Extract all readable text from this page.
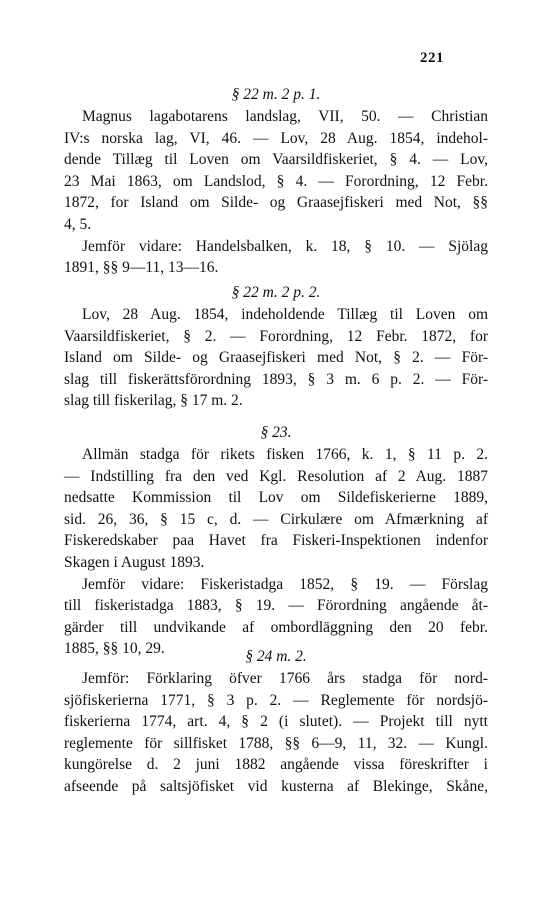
221
§ 22 m. 2 p. 1.
Magnus lagabotarens landslag, VII, 50. — Christian
IV:s norska lag, VI, 46. — Lov, 28 Aug. 1854, indehol-
dende Tillæg til Loven om Vaarsildfiskeriet, § 4. — Lov,
23 Mai 1863, om Landslod, § 4. — Forordning, 12 Febr.
1872, for Island om Silde- og Graasejfiskeri med Not, §§
4, 5.
Jemför vidare: Handelsbalken, k. 18, § 10. — Sjölag
1891, §§ 9—11, 13—16.
§ 22 m. 2 p. 2.
Lov, 28 Aug. 1854, indeholdende Tillæg til Loven om
Vaarsildfiskeriet, § 2. — Forordning, 12 Febr. 1872, for
Island om Silde- og Graasejfiskeri med Not, § 2. — För-
slag till fiskerättsförordning 1893, § 3 m. 6 p. 2. — För-
slag till fiskerilag, § 17 m. 2.
§ 23.
Allmän stadga för rikets fisken 1766, k. 1, § 11 p. 2.
— Indstilling fra den ved Kgl. Resolution af 2 Aug. 1887
nedsatte Kommission til Lov om Sildefiskerierne 1889,
sid. 26, 36, § 15 c, d. — Cirkulære om Afmærkning af
Fiskeredskaber paa Havet fra Fiskeri-Inspektionen indenfor
Skagen i August 1893.
Jemför vidare: Fiskeristadga 1852, § 19. — Förslag
till fiskeristadga 1883, § 19. — Förordning angående åt-
gärder till undvikande af ombordläggning den 20 febr.
1885, §§ 10, 29.	§ 24 m. 2.
Jemför: Förklaring öfver 1766 års stadga för nord-
sjöfiskerierna 1771, § 3 p. 2. — Reglemente för nordsjö-
fiskerierna 1774, art. 4, § 2 (i slutet). — Projekt till nytt
reglemente för sillfisket 1788, §§ 6—9, 11, 32. — Kungl.
kungörelse d. 2 juni 1882 angående vissa föreskrifter i
afseende på saltsjöfisket vid kusterna af Blekinge, Skåne,
